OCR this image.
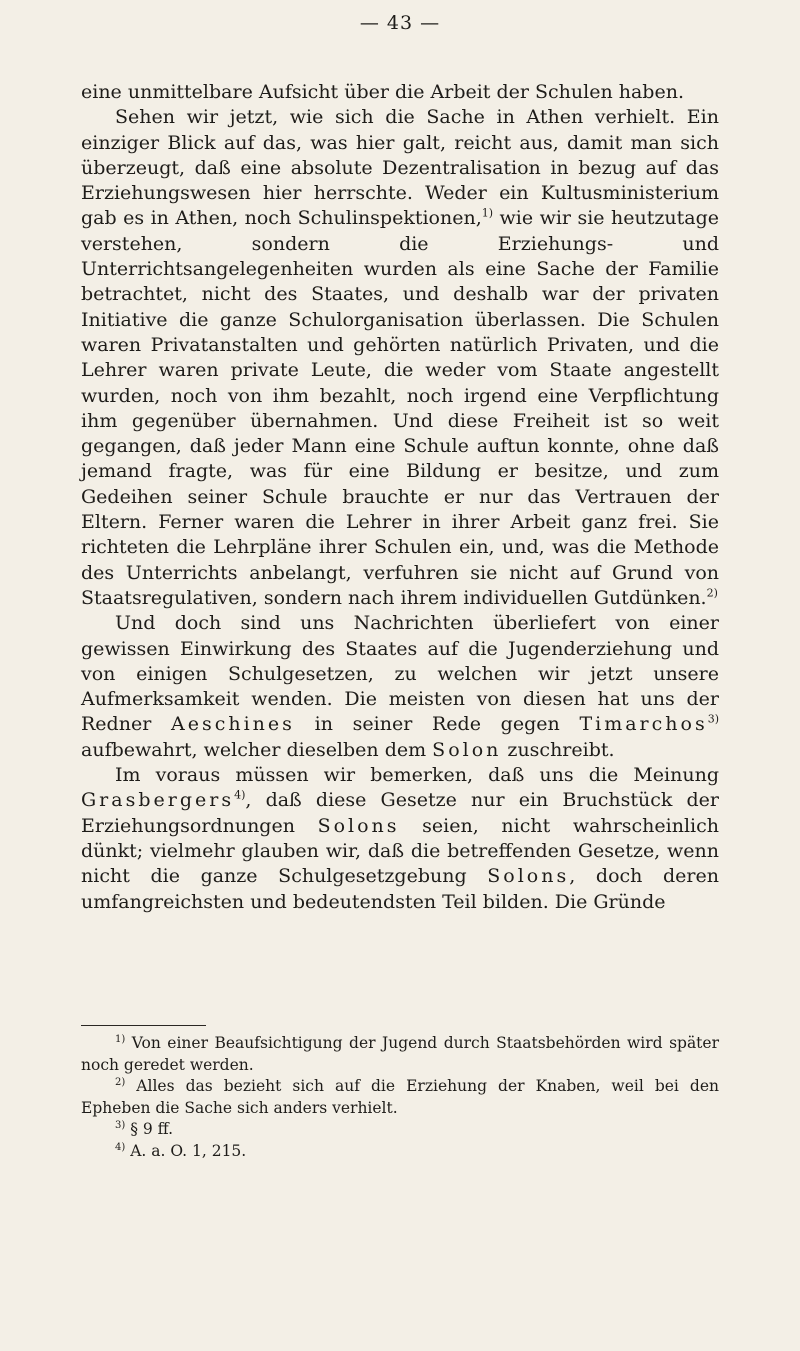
— 43 —

eine unmittelbare Aufsicht über die Arbeit der Schulen haben.

Sehen wir jetzt, wie sich die Sache in Athen verhielt. Ein einziger Blick auf das, was hier galt, reicht aus, damit man sich überzeugt, daß eine absolute Dezentralisation in bezug auf das Erziehungswesen hier herrschte. Weder ein Kultusministerium gab es in Athen, noch Schulinspektionen,$^{1)}$ wie wir sie heutzutage verstehen, sondern die Erziehungs- und Unterrichtsangelegenheiten wurden als eine Sache der Familie betrachtet, nicht des Staates, und deshalb war der privaten Initiative die ganze Schulorganisation überlassen. Die Schulen waren Privatanstalten und gehörten natürlich Privaten, und die Lehrer waren private Leute, die weder vom Staate angestellt wurden, noch von ihm bezahlt, noch irgend eine Verpflichtung ihm gegenüber übernahmen. Und diese Freiheit ist so weit gegangen, daß jeder Mann eine Schule auftun konnte, ohne daß jemand fragte, was für eine Bildung er besitze, und zum Gedeihen seiner Schule brauchte er nur das Vertrauen der Eltern. Ferner waren die Lehrer in ihrer Arbeit ganz frei. Sie richteten die Lehrpläne ihrer Schulen ein, und, was die Methode des Unterrichts anbelangt, verfuhren sie nicht auf Grund von Staatsregulativen, sondern nach ihrem individuellen Gutdünken.$^{2)}$

Und doch sind uns Nachrichten überliefert von einer gewissen Einwirkung des Staates auf die Jugenderziehung und von einigen Schulgesetzen, zu welchen wir jetzt unsere Aufmerksamkeit wenden. Die meisten von diesen hat uns der Redner Aeschines in seiner Rede gegen Timarchos$^{3)}$ aufbewahrt, welcher dieselben dem Solon zuschreibt.

Im voraus müssen wir bemerken, daß uns die Meinung Grasbergers$^{4)}$, daß diese Gesetze nur ein Bruchstück der Erziehungsordnungen Solons seien, nicht wahrscheinlich dünkt; vielmehr glauben wir, daß die betreffenden Gesetze, wenn nicht die ganze Schulgesetzgebung Solons, doch deren umfangreichsten und bedeutendsten Teil bilden. Die Gründe

$^{1)}$ Von einer Beaufsichtigung der Jugend durch Staatsbehörden wird später noch geredet werden.

$^{2)}$ Alles das bezieht sich auf die Erziehung der Knaben, weil bei den Epheben die Sache sich anders verhielt.

$^{3)}$ § 9 ff.

$^{4)}$ A. a. O. 1, 215.
